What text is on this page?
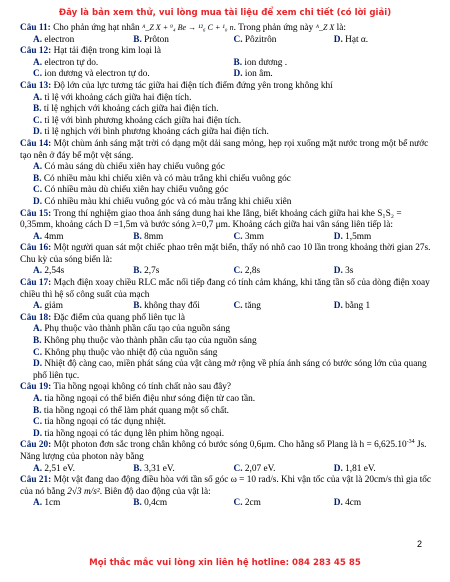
Đây là bản xem thử, vui lòng mua tài liệu để xem chi tiết (có lời giải)

Câu 11: Cho phản ứng hạt nhân ᴬ_Z X + ⁹₄ Be → ¹²₆ C + ¹₀ n. Trong phản ứng này ᴬ_Z X là:

A. electron	B. Prôton	C. Pôzitrôn	D. Hạt α.

Câu 12: Hạt tải điện trong kim loại là

A. electron tự do.	B. ion dương .
C. ion dương và electron tự do.	D. ion âm.

Câu 13: Độ lớn của lực tương tác giữa hai điện tích điểm đứng yên trong không khí

A. tỉ lệ với khoảng cách giữa hai điện tích.

B. tỉ lệ nghịch với khoảng cách giữa hai điện tích.

C. tỉ lệ với bình phương khoảng cách giữa hai điện tích.

D. tỉ lệ nghịch với bình phương khoảng cách giữa hai điện tích.

Câu 14: Một chùm ánh sáng mặt trời có dạng một dải sang mỏng, hẹp rọi xuống mặt nước trong một bể nước tạo nên ở đáy bể một vệt sáng.

A. Có màu sáng dù chiếu xiên hay chiếu vuông góc

B. Có nhiều màu khi chiếu xiên và có màu trắng khi chiếu vuông góc

C. Có nhiều màu dù chiếu xiên hay chiếu vuông góc

D. Có nhiều màu khi chiếu vuông góc và có màu trắng khi chiếu xiên

Câu 15: Trong thí nghiệm giao thoa ánh sáng dung hai khe Iâng, biết khoảng cách giữa hai khe S₁S₂ = 0,35mm, khoảng cách D =1,5m và bước sóng λ=0,7 μm. Khoảng cách giữa hai vân sáng liên tiếp là:

A. 4mm	B. 8mm	C. 3mm	D. 1,5mm

Câu 16: Một người quan sát một chiếc phao trên mặt biển, thấy nó nhô cao 10 lần trong khoảng thời gian 27s. Chu kỳ của sóng biển là:

A. 2,54s	B. 2,7s	C. 2,8s	D. 3s

Câu 17: Mạch điện xoay chiều RLC mắc nối tiếp đang có tính cảm kháng, khi tăng tần số của dòng điện xoay chiều thì hệ số công suất của mạch

A. giảm	B. không thay đổi	C. tăng	D. bằng 1

Câu 18: Đặc điểm của quang phổ liên tục là

A. Phụ thuộc vào thành phần cấu tạo của nguồn sáng

B. Không phụ thuộc vào thành phần cấu tạo của nguồn sáng

C. Không phụ thuộc vào nhiệt độ của nguồn sáng

D. Nhiệt độ càng cao, miền phát sáng của vật càng mở rộng về phía ánh sáng có bước sóng lớn của quang phổ liên tục.

Câu 19: Tia hồng ngoại không có tính chất nào sau đây?

A. tia hồng ngoại có thể biến điệu như sóng điện từ cao tần.

B. tia hồng ngoại có thể làm phát quang một số chất.

C. tia hồng ngoại có tác dụng nhiệt.

D. tia hồng ngoại có tác dụng lên phim hồng ngoại.

Câu 20: Một photon đơn sắc trong chân không có bước sóng 0,6μm. Cho hằng số Plang là $h = 6,625.10^{-34}$ Js. Năng lượng của photon này bằng

A. 2,51 eV.	B. 3,31 eV.	C. 2,07 eV.	D. 1,81 eV.

Câu 21: Một vật đang dao động điều hòa với tần số góc ω = 10 rad/s. Khi vận tốc của vật là 20cm/s thì gia tốc của nó bằng 2√3 m/s². Biên độ dao động của vật là:

A. 1cm	B. 0,4cm	C. 2cm	D. 4cm
2
Mọi thắc mắc vui lòng xin liên hệ hotline: 084 283 45 85
